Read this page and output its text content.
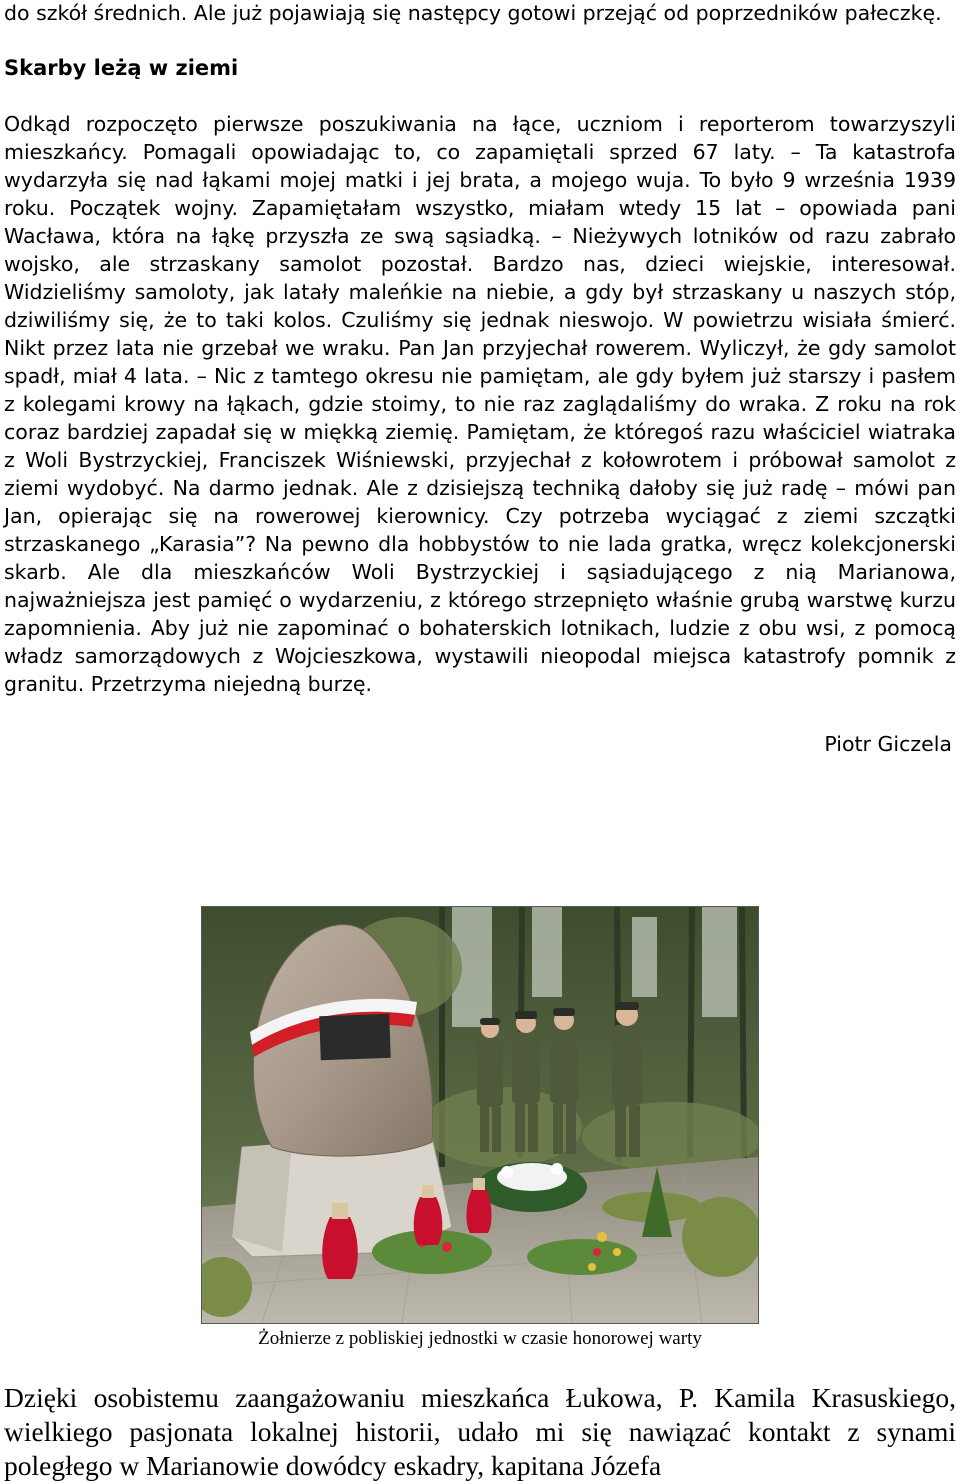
do szkół średnich. Ale już pojawiają się następcy gotowi przejąć od poprzedników pałeczkę.

Skarby leżą w ziemi

Odkąd rozpoczęto pierwsze poszukiwania na łące, uczniom i reporterom towarzyszyli mieszkańcy. Pomagali opowiadając to, co zapamiętali sprzed 67 laty. – Ta katastrofa wydarzyła się nad łąkami mojej matki i jej brata, a mojego wuja. To było 9 września 1939 roku. Początek wojny. Zapamiętałam wszystko, miałam wtedy 15 lat – opowiada pani Wacława, która na łąkę przyszła ze swą sąsiadką. – Nieżywych lotników od razu zabrało wojsko, ale strzaskany samolot pozostał. Bardzo nas, dzieci wiejskie, interesował. Widzieliśmy samoloty, jak latały maleńkie na niebie, a gdy był strzaskany u naszych stóp, dziwiliśmy się, że to taki kolos. Czuliśmy się jednak nieswojo. W powietrzu wisiała śmierć. Nikt przez lata nie grzebał we wraku. Pan Jan przyjechał rowerem. Wyliczył, że gdy samolot spadł, miał 4 lata. – Nic z tamtego okresu nie pamiętam, ale gdy byłem już starszy i pasłem z kolegami krowy na łąkach, gdzie stoimy, to nie raz zaglądaliśmy do wraka. Z roku na rok coraz bardziej zapadał się w miękką ziemię. Pamiętam, że któregoś razu właściciel wiatraka z Woli Bystrzyckiej, Franciszek Wiśniewski, przyjechał z kołowrotem i próbował samolot z ziemi wydobyć. Na darmo jednak. Ale z dzisiejszą techniką dałoby się już radę – mówi pan Jan, opierając się na rowerowej kierownicy. Czy potrzeba wyciągać z ziemi szczątki strzaskanego „Karasia”? Na pewno dla hobbystów to nie lada gratka, wręcz kolekcjonerski skarb. Ale dla mieszkańców Woli Bystrzyckiej i sąsiadującego z nią Marianowa, najważniejsza jest pamięć o wydarzeniu, z którego strzepnięto właśnie grubą warstwę kurzu zapomnienia. Aby już nie zapominać o bohaterskich lotnikach, ludzie z obu wsi, z pomocą władz samorządowych z Wojcieszkowa, wystawili nieopodal miejsca katastrofy pomnik z granitu. Przetrzyma niejedną burzę.

Piotr Giczela

Żołnierze z pobliskiej jednostki w czasie honorowej warty

Dzięki osobistemu zaangażowaniu mieszkańca Łukowa, P. Kamila Krasuskiego, wielkiego pasjonata lokalnej historii, udało mi się nawiązać kontakt z synami poległego w Marianowie dowódcy eskadry, kapitana Józefa
